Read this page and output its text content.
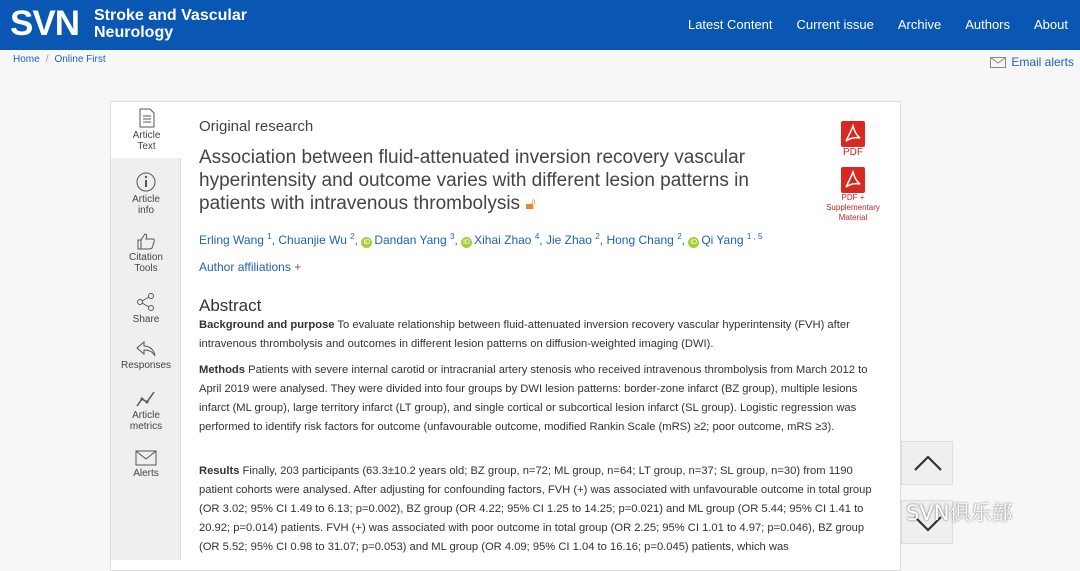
SVN Stroke and Vascular
Neurology	Latest Content Current issue Archive Authors About
Home / Online First	Email alerts
Article
Text
Article
info
Citation
Tools
Share
Responses
Article
metrics
Alerts
Original research
Association between fluid-attenuated inversion recovery vascular hyperintensity and outcome varies with different lesion patterns in patients with intravenous thrombolysis 🔓︎
Erling Wang $^1$, Chuanjie Wu $^2$, iD Dandan Yang $^3$, iD Xihai Zhao $^4$, Jie Zhao $^2$, Hong Chang $^2$, iD Qi Yang $^{1 , 5}$
Author affiliations +
Abstract
Background and purpose To evaluate relationship between fluid-attenuated inversion recovery vascular hyperintensity (FVH) after intravenous thrombolysis and outcomes in different lesion patterns on diffusion-weighted imaging (DWI).
Methods Patients with severe internal carotid or intracranial artery stenosis who received intravenous thrombolysis from March 2012 to April 2019 were analysed. They were divided into four groups by DWI lesion patterns: border-zone infarct (BZ group), multiple lesions infarct (ML group), large territory infarct (LT group), and single cortical or subcortical lesion infarct (SL group). Logistic regression was performed to identify risk factors for outcome (unfavourable outcome, modified Rankin Scale (mRS) ≥2; poor outcome, mRS ≥3).
Results Finally, 203 participants (63.3±10.2 years old; BZ group, n=72; ML group, n=64; LT group, n=37; SL group, n=30) from 1190 patient cohorts were analysed. After adjusting for confounding factors, FVH (+) was associated with unfavourable outcome in total group (OR 3.02; 95% CI 1.49 to 6.13; p=0.002), BZ group (OR 4.22; 95% CI 1.25 to 14.25; p=0.021) and ML group (OR 5.44; 95% CI 1.41 to 20.92; p=0.014) patients. FVH (+) was associated with poor outcome in total group (OR 2.25; 95% CI 1.01 to 4.97; p=0.046), BZ group (OR 5.52; 95% CI 0.98 to 31.07; p=0.053) and ML group (OR 4.09; 95% CI 1.04 to 16.16; p=0.045) patients, which was
PDF
PDF + Supplementary Material
SVN俱乐部
